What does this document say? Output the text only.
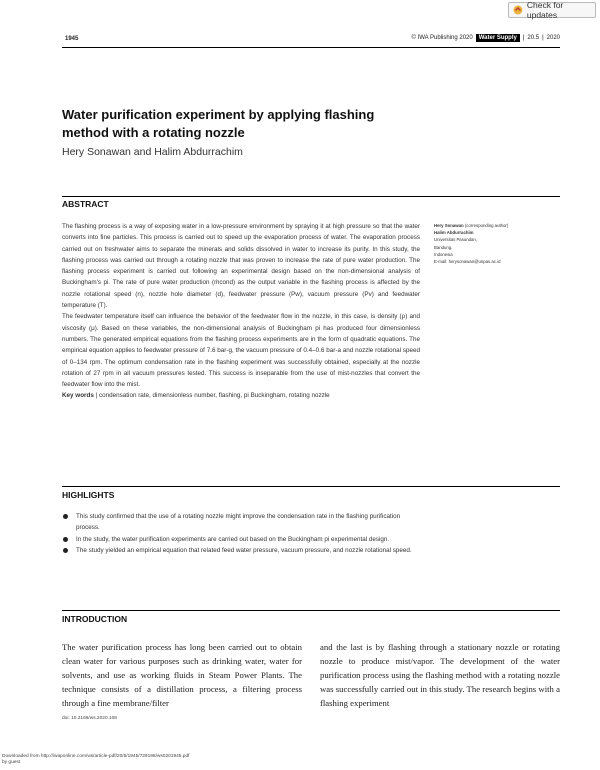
Check for updates
1945	© IWA Publishing 2020	Water Supply	| 20.5 | 2020
Water purification experiment by applying flashing
method with a rotating nozzle
Hery Sonawan and Halim Abdurrachim
ABSTRACT

The flashing process is a way of exposing water in a low-pressure environment by spraying it at high pressure so that the water converts into fine particles. This process is carried out to speed up the evaporation process of water. The evaporation process carried out on freshwater aims to separate the minerals and solids dissolved in water to increase its purity. In this study, the flashing process was carried out through a rotating nozzle that was proven to increase the rate of pure water production. The flashing process experiment is carried out following an experimental design based on the non-dimensional analysis of Buckingham's pi. The rate of pure water production (ṁcond) as the output variable in the flashing process is affected by the nozzle rotational speed (n), nozzle hole diameter (d), feedwater pressure (Pw), vacuum pressure (Pv) and feedwater temperature (T).

The feedwater temperature itself can influence the behavior of the feedwater flow in the nozzle, in this case, is density (ρ) and viscosity (μ). Based on these variables, the non-dimensional analysis of Buckingham pi has produced four dimensionless numbers. The generated empirical equations from the flashing process experiments are in the form of quadratic equations. The empirical equation applies to feedwater pressure of 7.6 bar-g, the vacuum pressure of 0.4–0.6 bar-a and nozzle rotational speed of 0–134 rpm. The optimum condensation rate in the flashing experiment was successfully obtained, especially at the nozzle rotation of 27 rpm in all vacuum pressures tested. This success is inseparable from the use of mist-nozzles that convert the feedwater flow into the mist.

Key words | condensation rate, dimensionless number, flashing, pi Buckingham, rotating nozzle

Hery Sonawan (corresponding author)
Halim Abdurrachim
Universitas Pasundan,
Bandung,
Indonesia
E-mail: herysonawan@unpas.ac.id
HIGHLIGHTS
This study confirmed that the use of a rotating nozzle might improve the condensation rate in the flashing purification process.
In the study, the water purification experiments are carried out based on the Buckingham pi experimental design.
The study yielded an empirical equation that related feed water pressure, vacuum pressure, and nozzle rotational speed.
INTRODUCTION
The water purification process has long been carried out to obtain clean water for various purposes such as drinking water, water for solvents, and use as working fluids in Steam Power Plants. The technique consists of a distillation process, a filtering process through a fine membrane/filter
and the last is by flashing through a stationary nozzle or rotating nozzle to produce mist/vapor. The development of the water purification process using the flashing method with a rotating nozzle was successfully carried out in this study. The research begins with a flashing experiment
doi: 10.2166/ws.2020.108
Downloaded from http://iwaponline.com/ws/article-pdf/20/5/1945/729198/ws0201945.pdf
by guest
